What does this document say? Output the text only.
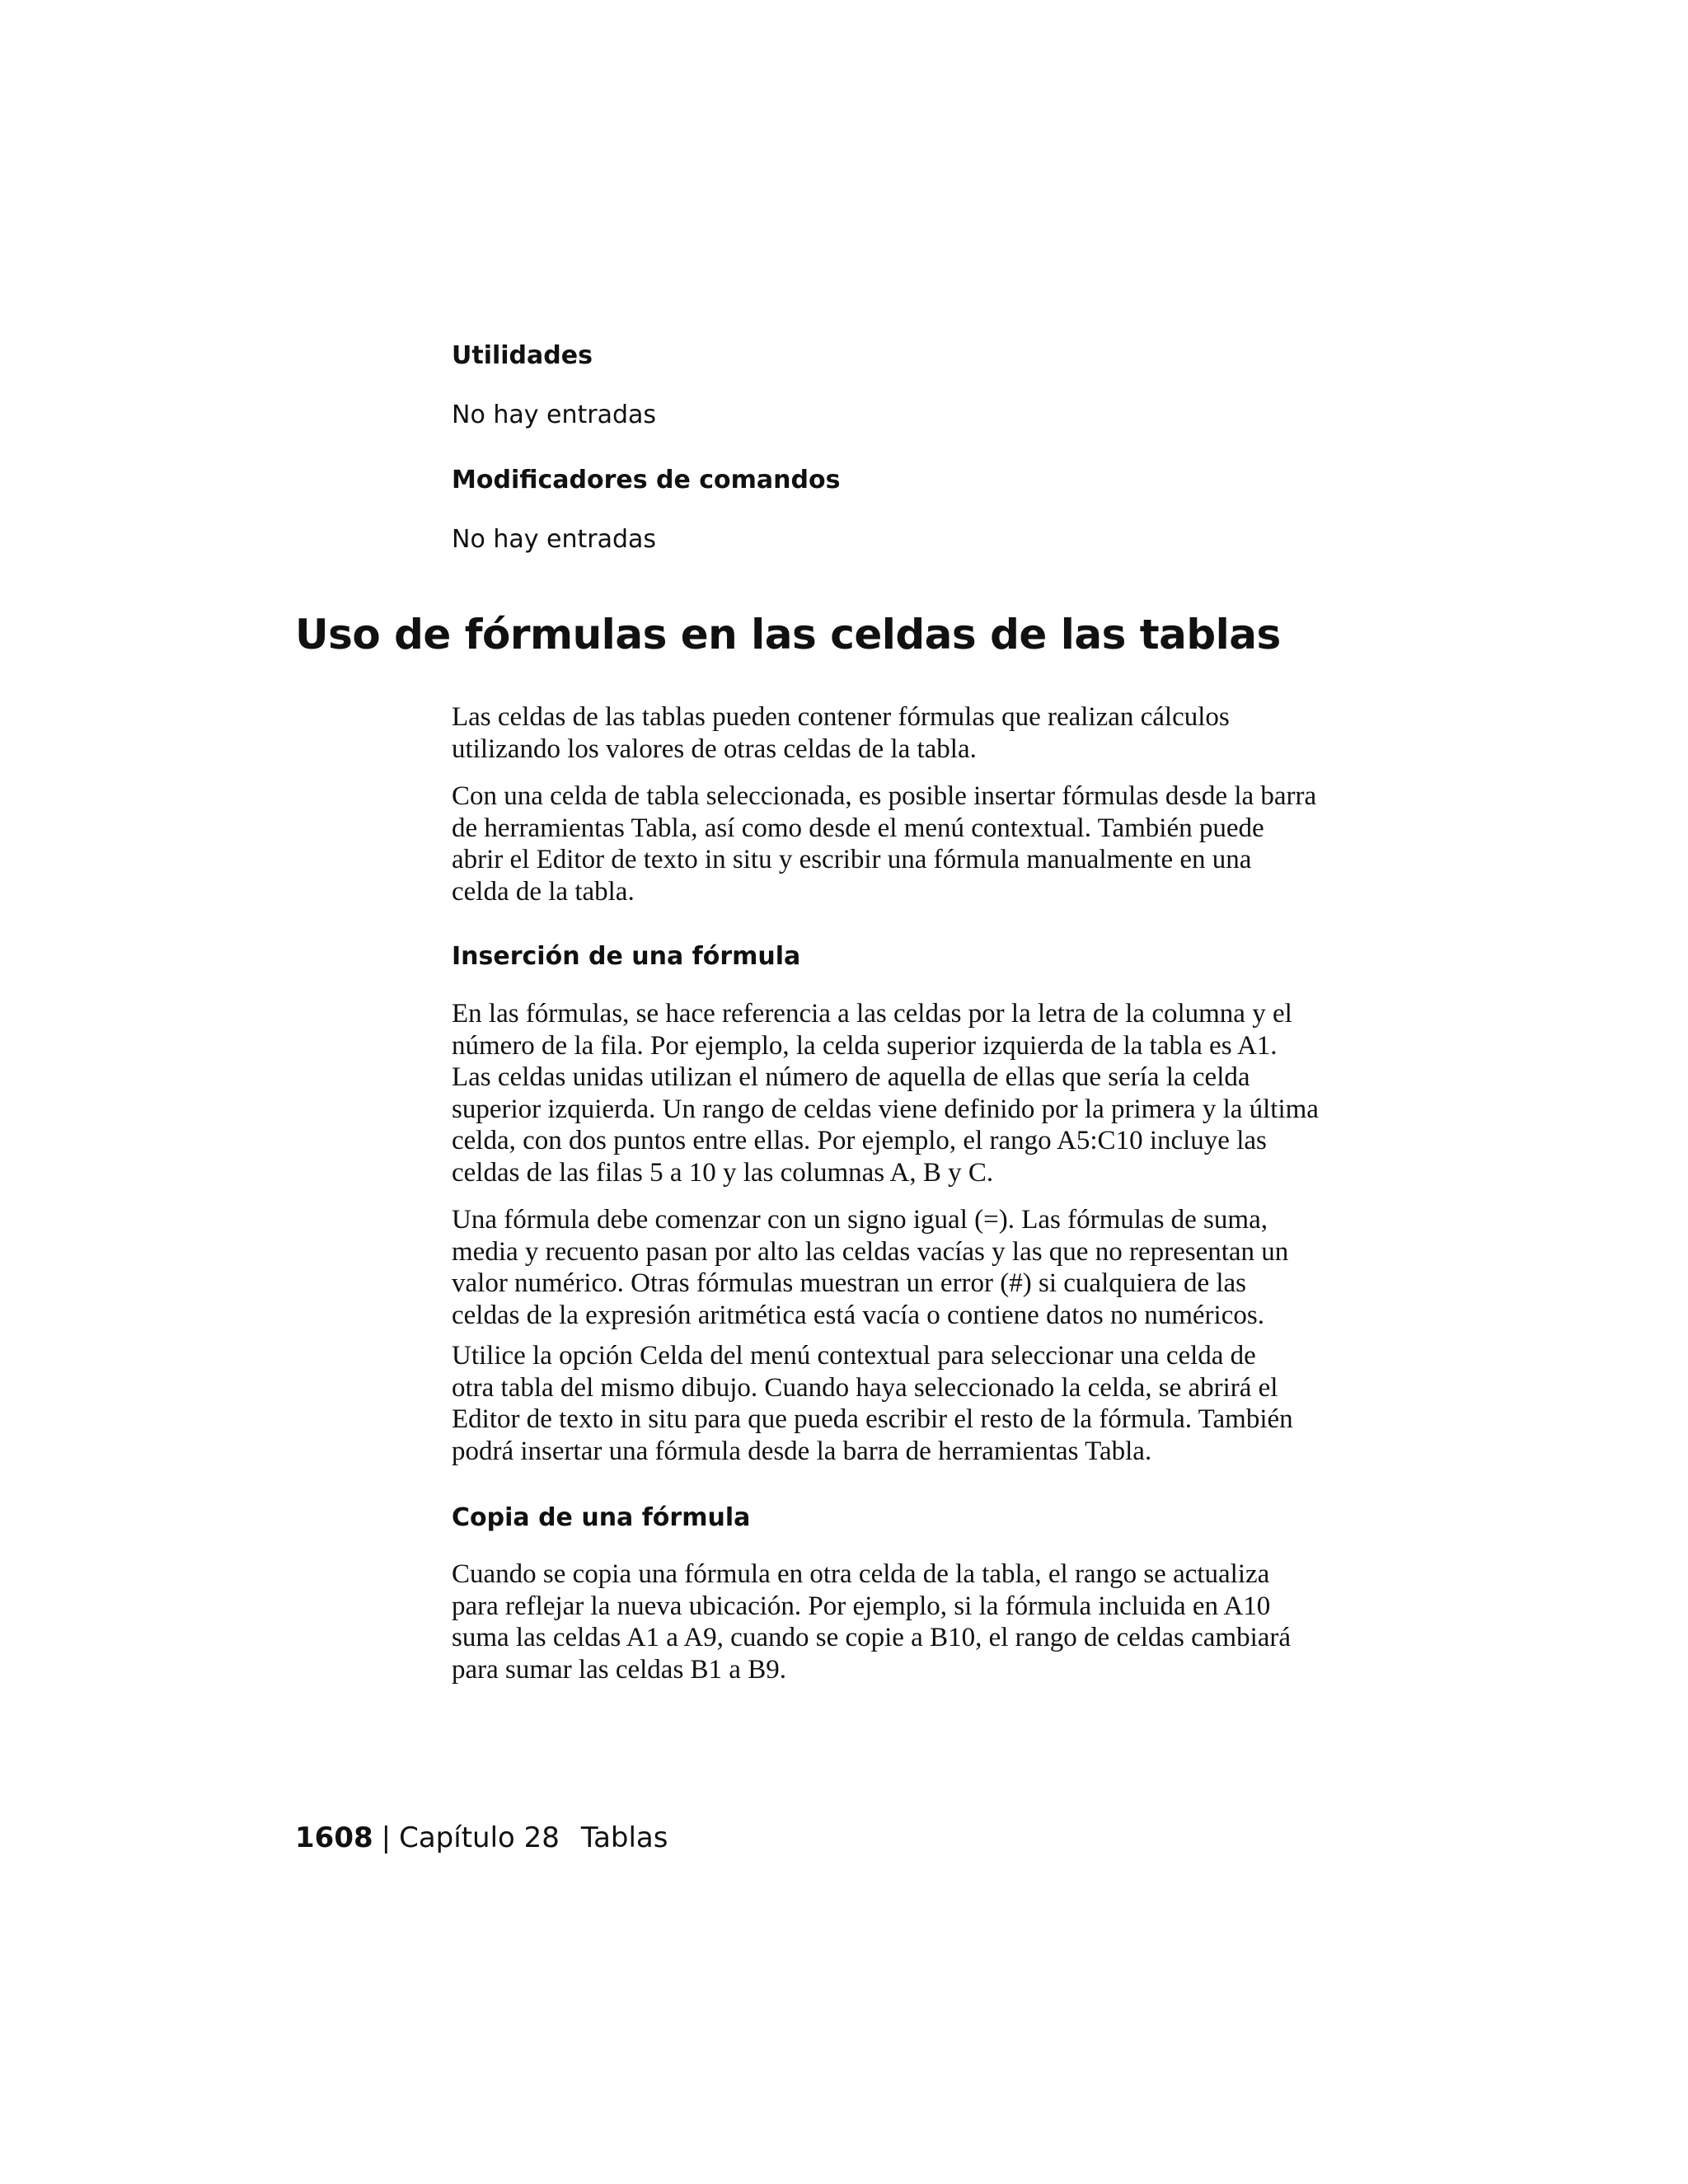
Utilidades

No hay entradas

Modificadores de comandos

No hay entradas

Uso de fórmulas en las celdas de las tablas
Las celdas de las tablas pueden contener fórmulas que realizan cálculos
utilizando los valores de otras celdas de la tabla.
Con una celda de tabla seleccionada, es posible insertar fórmulas desde la barra
de herramientas Tabla, así como desde el menú contextual. También puede
abrir el Editor de texto in situ y escribir una fórmula manualmente en una
celda de la tabla.
Inserción de una fórmula
En las fórmulas, se hace referencia a las celdas por la letra de la columna y el
número de la fila. Por ejemplo, la celda superior izquierda de la tabla es A1.
Las celdas unidas utilizan el número de aquella de ellas que sería la celda
superior izquierda. Un rango de celdas viene definido por la primera y la última
celda, con dos puntos entre ellas. Por ejemplo, el rango A5:C10 incluye las
celdas de las filas 5 a 10 y las columnas A, B y C.
Una fórmula debe comenzar con un signo igual (=). Las fórmulas de suma,
media y recuento pasan por alto las celdas vacías y las que no representan un
valor numérico. Otras fórmulas muestran un error (#) si cualquiera de las
celdas de la expresión aritmética está vacía o contiene datos no numéricos.
Utilice la opción Celda del menú contextual para seleccionar una celda de
otra tabla del mismo dibujo. Cuando haya seleccionado la celda, se abrirá el
Editor de texto in situ para que pueda escribir el resto de la fórmula. También
podrá insertar una fórmula desde la barra de herramientas Tabla.
Copia de una fórmula
Cuando se copia una fórmula en otra celda de la tabla, el rango se actualiza
para reflejar la nueva ubicación. Por ejemplo, si la fórmula incluida en A10
suma las celdas A1 a A9, cuando se copie a B10, el rango de celdas cambiará
para sumar las celdas B1 a B9.
1608 | Capítulo 28 Tablas
